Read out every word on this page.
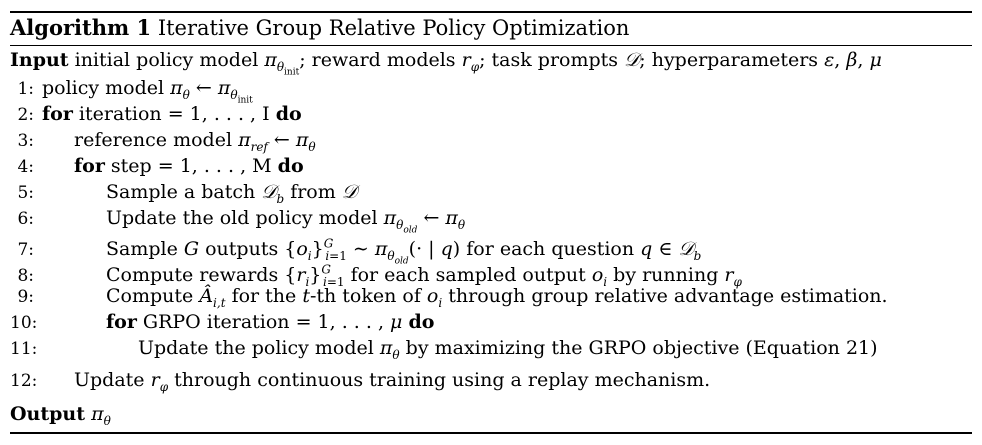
Algorithm 1 Iterative Group Relative Policy Optimization
Input initial policy model $\pi_{\theta_{init}}$; reward models $r_\varphi$; task prompts 𝒟; hyperparameters ε, β, μ
1: policy model $\pi_\theta$ ← $\pi_{\theta_{init}}$
2: for iteration = 1, . . . , I do
3: reference model $\pi_{ref}$ ← $\pi_\theta$
4: for step = 1, . . . , M do
5:	Sample a batch 𝒟$_b$ from 𝒟
6:	Update the old policy model $\pi_{\theta_{old}}$ ← $\pi_\theta$
7:	Sample G outputs $\{o_i\}^G_{i=1}$ ∼ $\pi_{\theta_{old}}(\cdot$ | q) for each question q ∈ 𝒟$_b$
8:	Compute rewards $\{r_i\}^G_{i=1}$ for each sampled output $o_i$ by running $r_\varphi$
9:	Compute $Â_{i,t}$ for the t-th token of $o_i$ through group relative advantage estimation.
10:	for GRPO iteration = 1, . . . , μ do
11:	Update the policy model $\pi_\theta$ by maximizing the GRPO objective (Equation 21)
12: Update $r_\varphi$ through continuous training using a replay mechanism.
Output $\pi_\theta$
